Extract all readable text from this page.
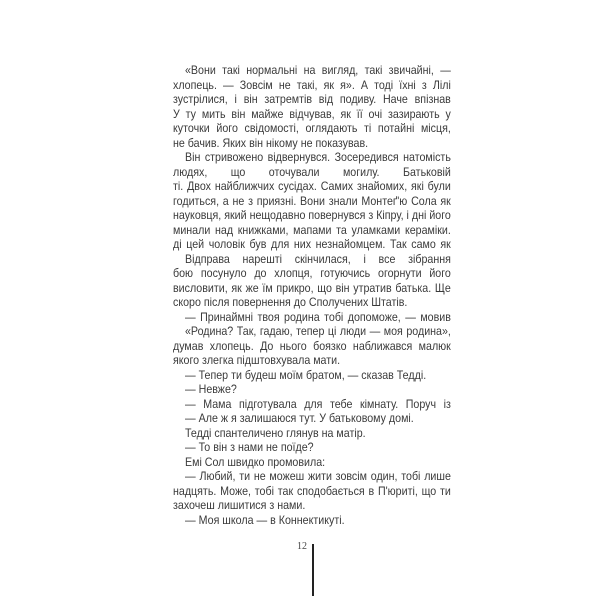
«Вони такі нормальні на вигляд, такі звичайні, —
хлопець. — Зовсім не такі, як я». А тоді їхні з Лілі
зустрілися, і він затремтів від подиву. Наче впізнав
У ту мить він майже відчував, як її очі зазирають у
куточки його свідомості, оглядають ті потайні місця,
не бачив. Яких він нікому не показував.
Він стривожено відвернувся. Зосередився натомість
людях, що оточували могилу. Батьковій
ті. Двох найближчих сусідах. Самих знайомих, які були
годиться, а не з приязні. Вони знали Монтеґ'ю Сола як
науковця, який нещодавно повернувся з Кіпру, і дні його
минали над книжками, мапами та уламками кераміки.
ді цей чоловік був для них незнайомцем. Так само як
Відправа нарешті скінчилася, і все зібрання
бою посунуло до хлопця, готуючись огорнути його
висловити, як же їм прикро, що він утратив батька. Ще
скоро після повернення до Сполучених Штатів.
— Принаймні твоя родина тобі допоможе, — мовив
«Родина? Так, гадаю, тепер ці люди — моя родина»,
думав хлопець. До нього боязко наближався малюк
якого злегка підштовхувала мати.
— Тепер ти будеш моїм братом, — сказав Тедді.
— Невже?
— Мама підготувала для тебе кімнату. Поруч із
— Але ж я залишаюся тут. У батьковому домі.
Тедді спантеличено глянув на матір.
— То він з нами не поїде?
Емі Сол швидко промовила:
— Любий, ти не можеш жити зовсім один, тобі лише
надцять. Може, тобі так сподобається в П'юриті, що ти
захочеш лишитися з нами.
— Моя школа — в Коннектикуті.
12
